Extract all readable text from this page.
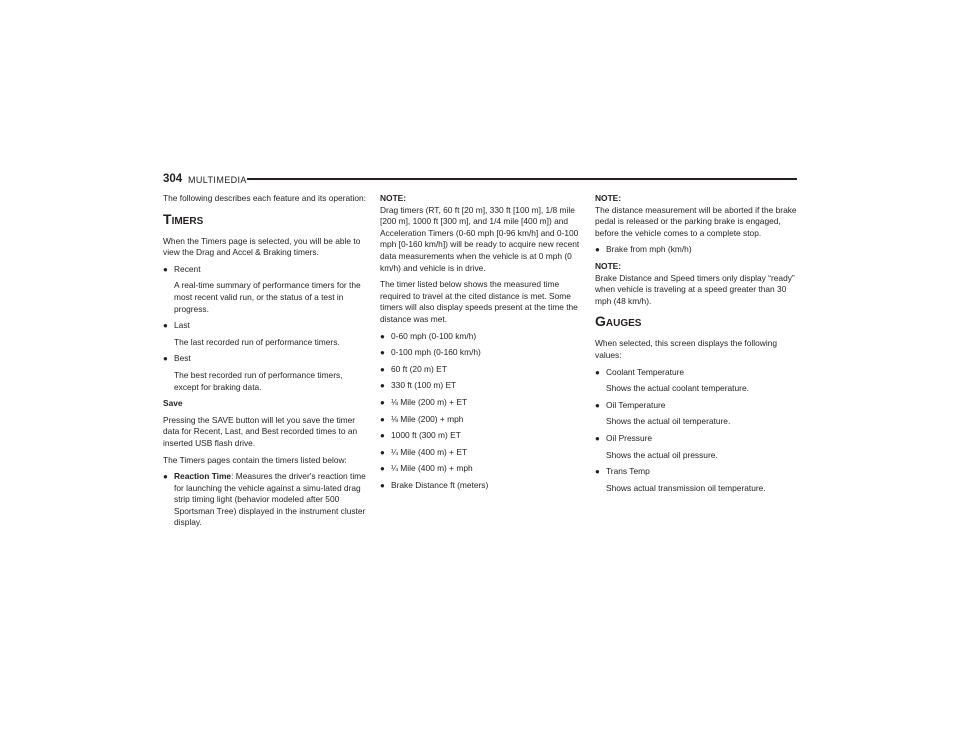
304 MULTIMEDIA

The following describes each feature and its operation:

TIMERS

When the Timers page is selected, you will be able to view the Drag and Accel & Braking timers.

● Recent

A real-time summary of performance timers for the most recent valid run, or the status of a test in progress.

● Last

The last recorded run of performance timers.

● Best

The best recorded run of performance timers, except for braking data.

Save

Pressing the SAVE button will let you save the timer data for Recent, Last, and Best recorded times to an inserted USB flash drive.

The Timers pages contain the timers listed below:

● Reaction Time: Measures the driver's reaction time for launching the vehicle against a simu-lated drag strip timing light (behavior modeled after 500 Sportsman Tree) displayed in the instrument cluster display.

NOTE:

Drag timers (RT, 60 ft [20 m], 330 ft [100 m], 1/8 mile [200 m], 1000 ft [300 m], and 1/4 mile [400 m]) and Acceleration Timers (0-60 mph [0-96 km/h] and 0-100 mph [0-160 km/h]) will be ready to acquire new recent data measurements when the vehicle is at 0 mph (0 km/h) and vehicle is in drive.

The timer listed below shows the measured time required to travel at the cited distance is met. Some timers will also display speeds present at the time the distance was met.

● 0-60 mph (0-100 km/h)
● 0-100 mph (0-160 km/h)
● 60 ft (20 m) ET
● 330 ft (100 m) ET
● ⅛ Mile (200 m) + ET
● ⅛ Mile (200) + mph
● 1000 ft (300 m) ET
● ¼ Mile (400 m) + ET
● ¼ Mile (400 m) + mph
● Brake Distance ft (meters)

NOTE:

The distance measurement will be aborted if the brake pedal is released or the parking brake is engaged, before the vehicle comes to a complete stop.

● Brake from mph (km/h)

NOTE:

Brake Distance and Speed timers only display “ready” when vehicle is traveling at a speed greater than 30 mph (48 km/h).

GAUGES

When selected, this screen displays the following values:

● Coolant Temperature

Shows the actual coolant temperature.

● Oil Temperature

Shows the actual oil temperature.

● Oil Pressure

Shows the actual oil pressure.

● Trans Temp

Shows actual transmission oil temperature.
